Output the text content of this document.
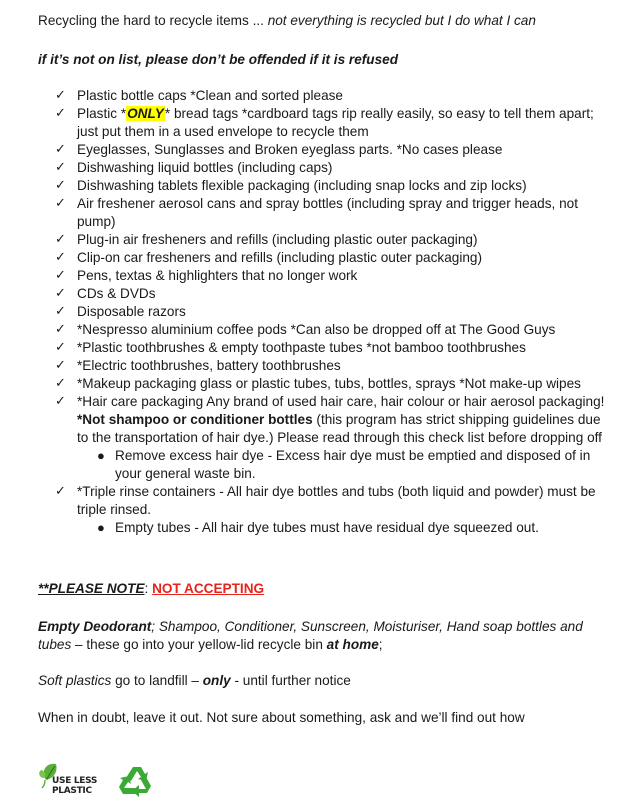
Recycling the hard to recycle items ... not everything is recycled but I do what I can
if it’s not on list, please don’t be offended if it is refused
✓ Plastic bottle caps *Clean and sorted please
✓ Plastic *ONLY* bread tags *cardboard tags rip really easily, so easy to tell them apart; just put them in a used envelope to recycle them
✓ Eyeglasses, Sunglasses and Broken eyeglass parts. *No cases please
✓ Dishwashing liquid bottles (including caps)
✓ Dishwashing tablets flexible packaging (including snap locks and zip locks)
✓ Air freshener aerosol cans and spray bottles (including spray and trigger heads, not pump)
✓ Plug-in air fresheners and refills (including plastic outer packaging)
✓ Clip-on car fresheners and refills (including plastic outer packaging)
✓ Pens, textas & highlighters that no longer work
✓ CDs & DVDs
✓ Disposable razors
✓ *Nespresso aluminium coffee pods *Can also be dropped off at The Good Guys
✓ *Plastic toothbrushes & empty toothpaste tubes *not bamboo toothbrushes
✓ *Electric toothbrushes, battery toothbrushes
✓ *Makeup packaging glass or plastic tubes, tubs, bottles, sprays *Not make-up wipes
✓ *Hair care packaging Any brand of used hair care, hair colour or hair aerosol packaging! *Not shampoo or conditioner bottles (this program has strict shipping guidelines due to the transportation of hair dye.) Please read through this check list before dropping off
● Remove excess hair dye - Excess hair dye must be emptied and disposed of in your general waste bin.
✓ *Triple rinse containers - All hair dye bottles and tubs (both liquid and powder) must be triple rinsed.
● Empty tubes - All hair dye tubes must have residual dye squeezed out.
**PLEASE NOTE: NOT ACCEPTING
Empty Deodorant; Shampoo, Conditioner, Sunscreen, Moisturiser, Hand soap bottles and tubes – these go into your yellow-lid recycle bin at home;
Soft plastics go to landfill – only - until further notice
When in doubt, leave it out. Not sure about something, ask and we’ll find out how
USE LESS
PLASTIC
